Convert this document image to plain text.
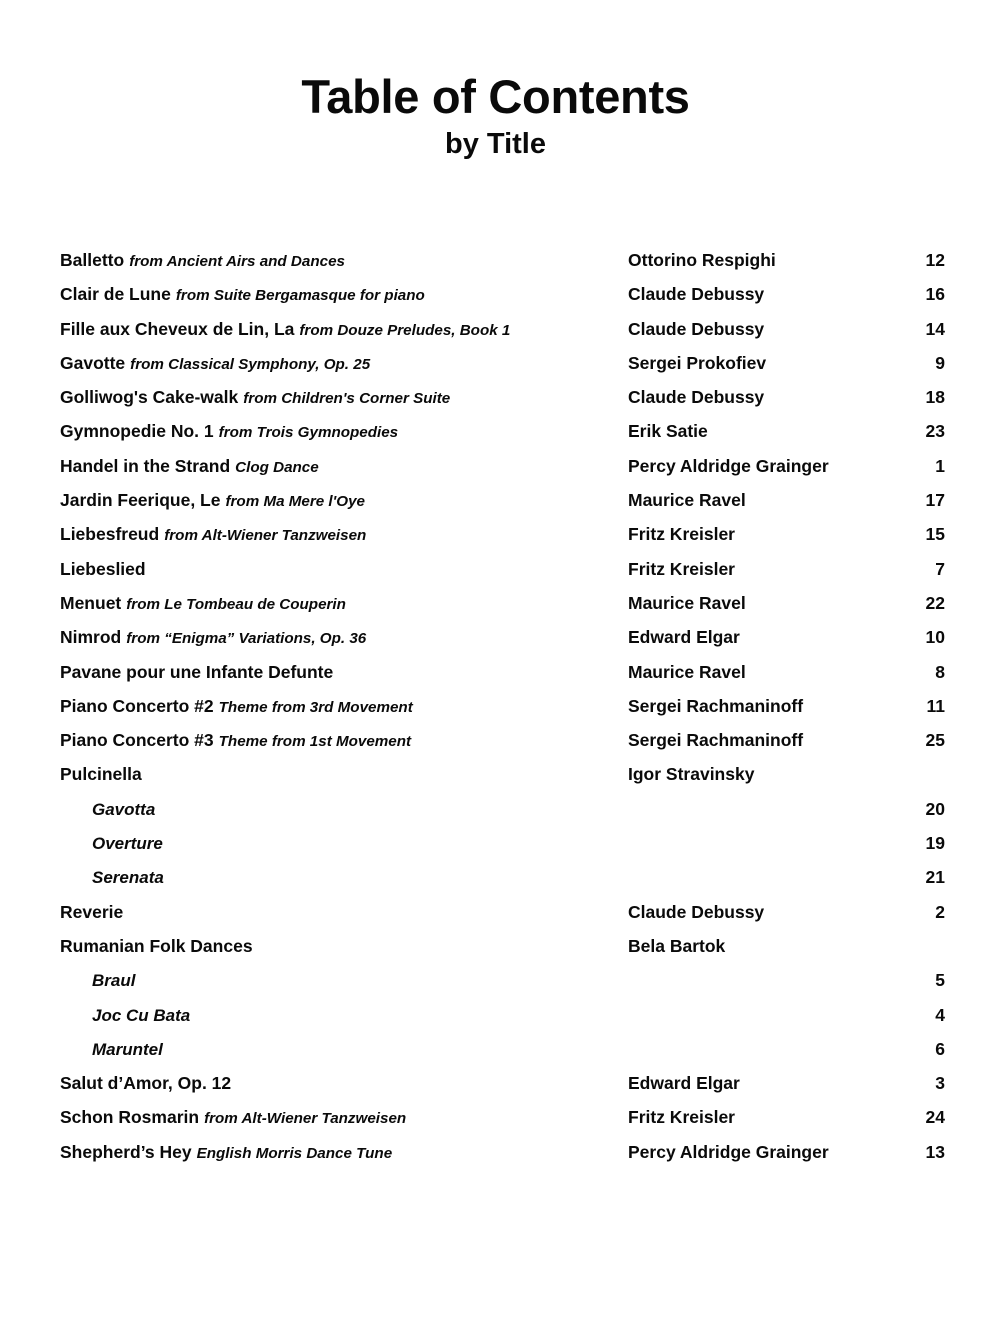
Table of Contents
by Title
Balletto from Ancient Airs and Dances	Ottorino Respighi	12
Clair de Lune from Suite Bergamasque for piano	Claude Debussy	16
Fille aux Cheveux de Lin, La from Douze Preludes, Book 1	Claude Debussy	14
Gavotte from Classical Symphony, Op. 25	Sergei Prokofiev	9
Golliwog's Cake-walk from Children's Corner Suite	Claude Debussy	18
Gymnopedie No. 1 from Trois Gymnopedies	Erik Satie	23
Handel in the Strand Clog Dance	Percy Aldridge Grainger	1
Jardin Feerique, Le from Ma Mere l'Oye	Maurice Ravel	17
Liebesfreud from Alt-Wiener Tanzweisen	Fritz Kreisler	15
Liebeslied	Fritz Kreisler	7
Menuet from Le Tombeau de Couperin	Maurice Ravel	22
Nimrod from “Enigma” Variations, Op. 36	Edward Elgar	10
Pavane pour une Infante Defunte	Maurice Ravel	8
Piano Concerto #2 Theme from 3rd Movement	Sergei Rachmaninoff	11
Piano Concerto #3 Theme from 1st Movement	Sergei Rachmaninoff	25
Pulcinella	Igor Stravinsky
Gavotta	20
Overture	19
Serenata	21
Reverie	Claude Debussy	2
Rumanian Folk Dances	Bela Bartok
Braul	5
Joc Cu Bata	4
Maruntel	6
Salut d’Amor, Op. 12	Edward Elgar	3
Schon Rosmarin from Alt-Wiener Tanzweisen	Fritz Kreisler	24
Shepherd’s Hey English Morris Dance Tune	Percy Aldridge Grainger	13
